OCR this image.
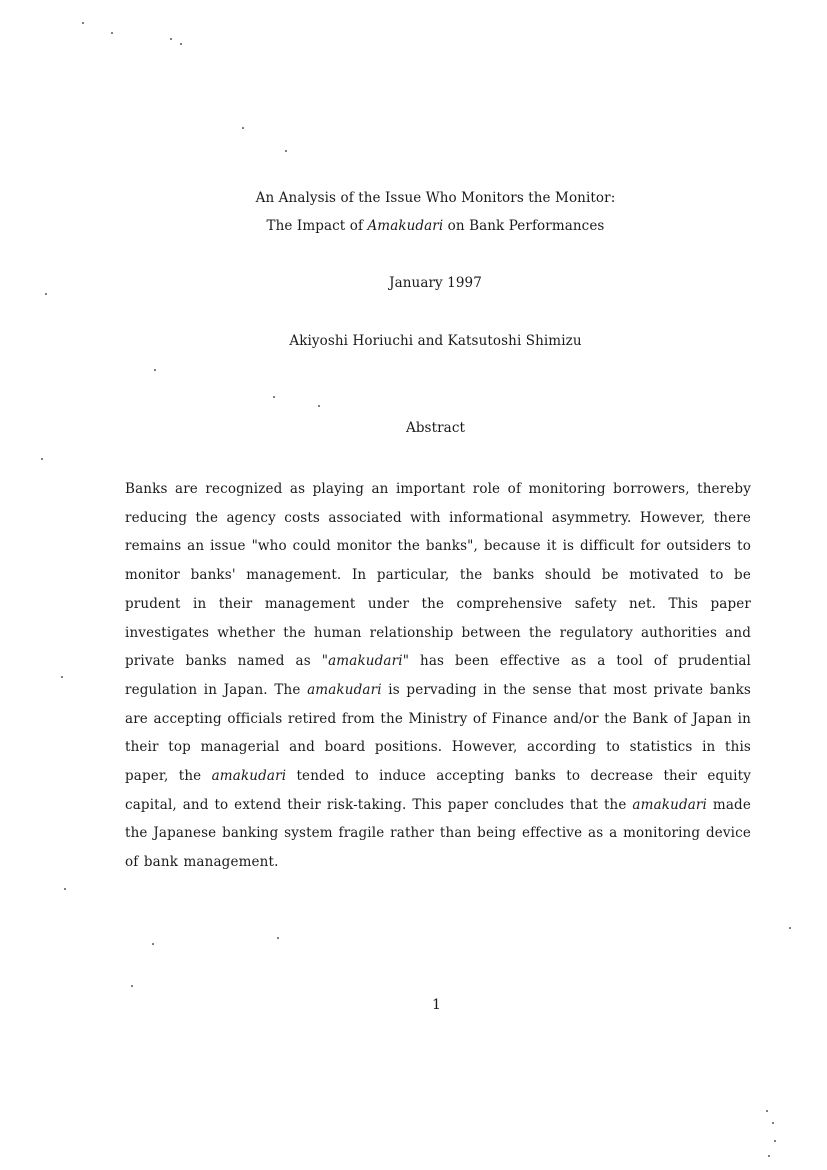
An Analysis of the Issue Who Monitors the Monitor:
The Impact of Amakudari on Bank Performances
January 1997
Akiyoshi Horiuchi and Katsutoshi Shimizu
Abstract
Banks are recognized as playing an important role of monitoring borrowers, thereby reducing the agency costs associated with informational asymmetry. However, there remains an issue "who could monitor the banks", because it is difficult for outsiders to monitor banks' management. In particular, the banks should be motivated to be prudent in their management under the comprehensive safety net. This paper investigates whether the human relationship between the regulatory authorities and private banks named as "amakudari" has been effective as a tool of prudential regulation in Japan. The amakudari is pervading in the sense that most private banks are accepting officials retired from the Ministry of Finance and/or the Bank of Japan in their top managerial and board positions. However, according to statistics in this paper, the amakudari tended to induce accepting banks to decrease their equity capital, and to extend their risk-taking. This paper concludes that the amakudari made the Japanese banking system fragile rather than being effective as a monitoring device of bank management.
1
